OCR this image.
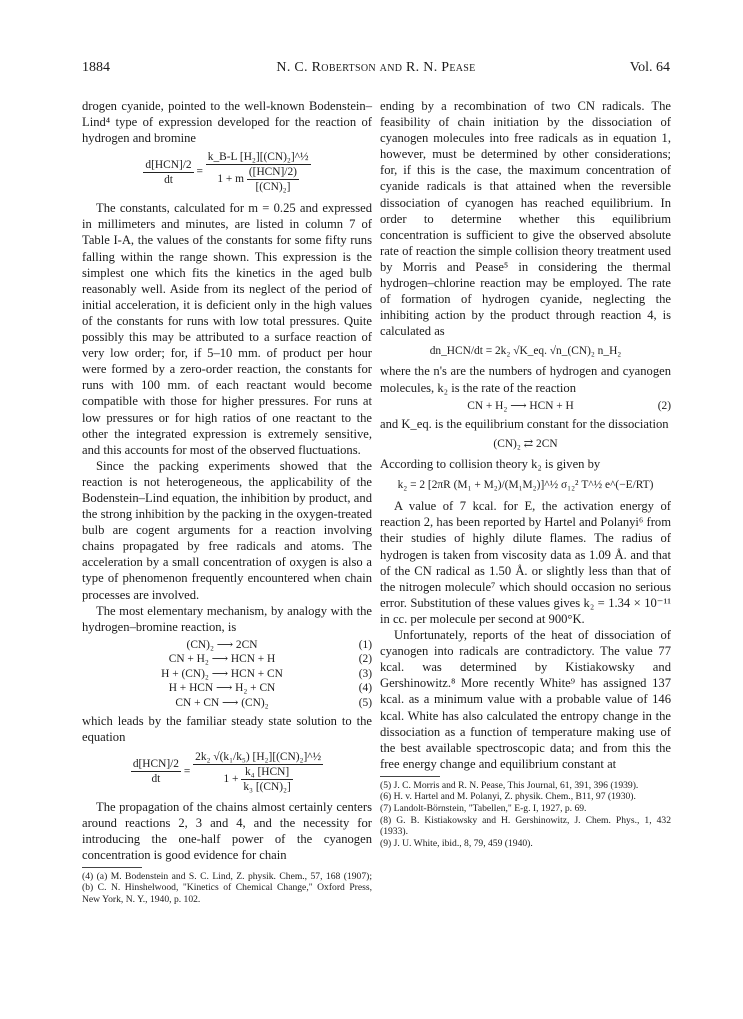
1884	N. C. Robertson and R. N. Pease	Vol. 64

drogen cyanide, pointed to the well-known Bodenstein–Lind⁴ type of expression developed for the reaction of hydrogen and bromine

$\frac{\text{d[HCN]/2}}{dt} = \frac{\text{k\_B-L [H₂][(CN)₂]\textasciicircum{}½}}{1 + m \frac{\text{([HCN]/2)}}{\text{[(CN)₂]}}}$

The constants, calculated for m = 0.25 and expressed in millimeters and minutes, are listed in column 7 of Table I-A, the values of the constants for some fifty runs falling within the range shown. This expression is the simplest one which fits the kinetics in the aged bulb reasonably well. Aside from its neglect of the period of initial acceleration, it is deficient only in the high values of the constants for runs with low total pressures. Quite possibly this may be attributed to a surface reaction of very low order; for, if 5–10 mm. of product per hour were formed by a zero-order reaction, the constants for runs with 100 mm. of each reactant would become compatible with those for higher pressures. For runs at low pressures or for high ratios of one reactant to the other the integrated expression is extremely sensitive, and this accounts for most of the observed fluctuations.

Since the packing experiments showed that the reaction is not heterogeneous, the applicability of the Bodenstein–Lind equation, the inhibition by product, and the strong inhibition by the packing in the oxygen-treated bulb are cogent arguments for a reaction involving chains propagated by free radicals and atoms. The acceleration by a small concentration of oxygen is also a type of phenomenon frequently encountered when chain processes are involved.

The most elementary mechanism, by analogy with the hydrogen–bromine reaction, is

(CN)₂ ⟶ 2CN	(1)
CN + H₂ ⟶ HCN + H	(2)
H + (CN)₂ ⟶ HCN + CN	(3)
H + HCN ⟶ H₂ + CN	(4)
CN + CN ⟶ (CN)₂	(5)

which leads by the familiar steady state solution to the equation

$\frac{\text{d[HCN]/2}}{dt} = \frac{\text{2k₂ √(k₁/k₅) [H₂][(CN)₂]\textasciicircum{}½}}{1 + \frac{\text{k₄ [HCN]}}{\text{k₃ [(CN)₂]}}}$

The propagation of the chains almost certainly centers around reactions 2, 3 and 4, and the necessity for introducing the one-half power of the cyanogen concentration is good evidence for chain

(4) (a) M. Bodenstein and S. C. Lind, Z. physik. Chem., 57, 168 (1907); (b) C. N. Hinshelwood, "Kinetics of Chemical Change," Oxford Press, New York, N. Y., 1940, p. 102.

ending by a recombination of two CN radicals. The feasibility of chain initiation by the dissociation of cyanogen molecules into free radicals as in equation 1, however, must be determined by other considerations; for, if this is the case, the maximum concentration of cyanide radicals is that attained when the reversible dissociation of cyanogen has reached equilibrium. In order to determine whether this equilibrium concentration is sufficient to give the observed absolute rate of reaction the simple collision theory treatment used by Morris and Pease⁵ in considering the thermal hydrogen–chlorine reaction may be employed. The rate of formation of hydrogen cyanide, neglecting the inhibiting action by the product through reaction 4, is calculated as

dn_HCN/dt = 2k₂ √K_eq. √n_(CN)₂ n_H₂

where the n's are the numbers of hydrogen and cyanogen molecules, k₂ is the rate of the reaction

CN + H₂ ⟶ HCN + H	(2)

and K_eq. is the equilibrium constant for the dissociation

(CN)₂ ⇄ 2CN

According to collision theory k₂ is given by

k₂ = 2 [2πR (M₁ + M₂)/(M₁M₂)]^½ σ₁₂² T^½ e^(−E/RT)

A value of 7 kcal. for E, the activation energy of reaction 2, has been reported by Hartel and Polanyi⁶ from their studies of highly dilute flames. The radius of hydrogen is taken from viscosity data as 1.09 Å. and that of the CN radical as 1.50 Å. or slightly less than that of the nitrogen molecule⁷ which should occasion no serious error. Substitution of these values gives k₂ = 1.34 × 10⁻¹¹ in cc. per molecule per second at 900°K.

Unfortunately, reports of the heat of dissociation of cyanogen into radicals are contradictory. The value 77 kcal. was determined by Kistiakowsky and Gershinowitz.⁸ More recently White⁹ has assigned 137 kcal. as a minimum value with a probable value of 146 kcal. White has also calculated the entropy change in the dissociation as a function of temperature making use of the best available spectroscopic data; and from this the free energy change and equilibrium constant at

(5) J. C. Morris and R. N. Pease, This Journal, 61, 391, 396 (1939).

(6) H. v. Hartel and M. Polanyi, Z. physik. Chem., B11, 97 (1930).

(7) Landolt-Börnstein, "Tabellen," E-g. I, 1927, p. 69.

(8) G. B. Kistiakowsky and H. Gershinowitz, J. Chem. Phys., 1, 432 (1933).

(9) J. U. White, ibid., 8, 79, 459 (1940).
